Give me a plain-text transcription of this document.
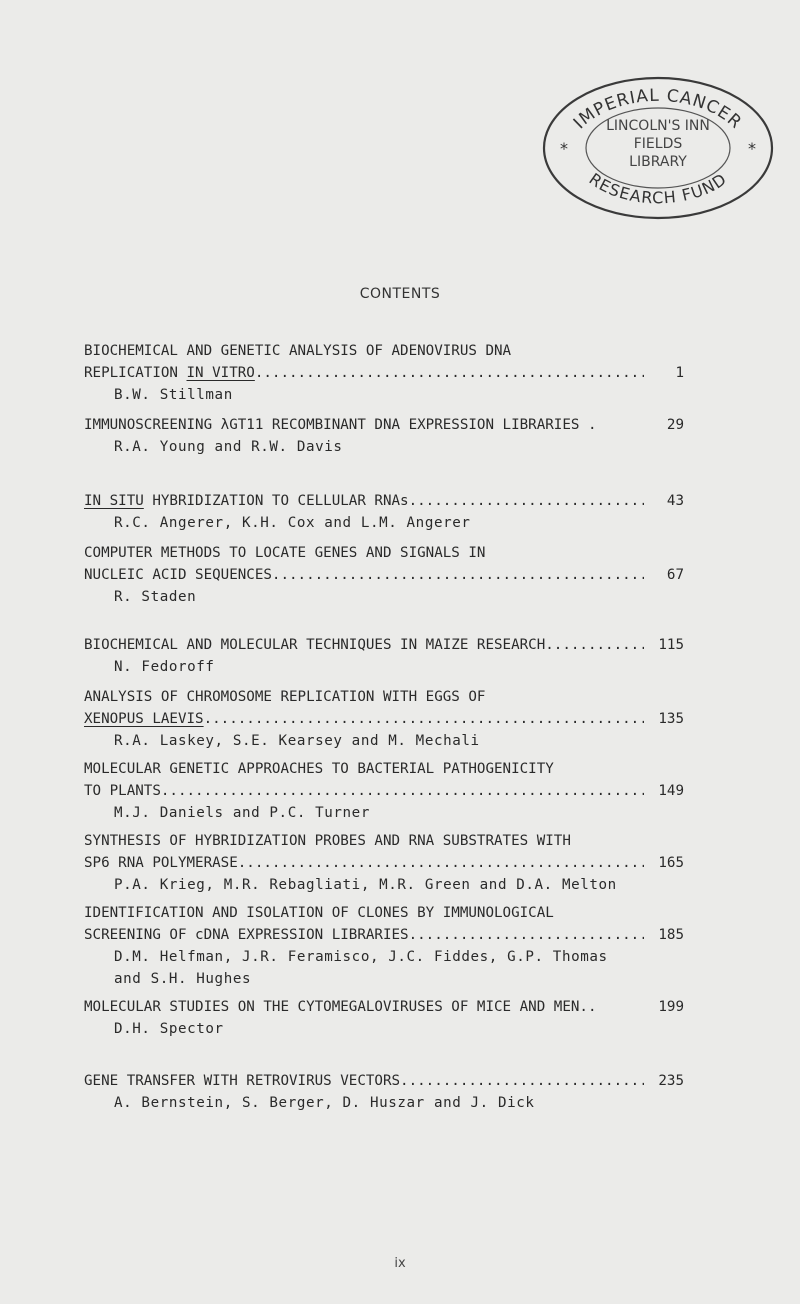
IMPERIAL CANCER
RESEARCH FUND
LINCOLN'S INN
FIELDS
LIBRARY
*	*
CONTENTS
BIOCHEMICAL AND GENETIC ANALYSIS OF ADENOVIRUS DNA
REPLICATION IN VITRO .....	1
B.W. Stillman
IMMUNOSCREENING λGT11 RECOMBINANT DNA EXPRESSION LIBRARIES .	29
R.A. Young and R.W. Davis
IN SITU HYBRIDIZATION TO CELLULAR RNAs .....	43
R.C. Angerer, K.H. Cox and L.M. Angerer
COMPUTER METHODS TO LOCATE GENES AND SIGNALS IN
NUCLEIC ACID SEQUENCES .....	67
R. Staden
BIOCHEMICAL AND MOLECULAR TECHNIQUES IN MAIZE RESEARCH .....	115
N. Fedoroff
ANALYSIS OF CHROMOSOME REPLICATION WITH EGGS OF
XENOPUS LAEVIS .....	135
R.A. Laskey, S.E. Kearsey and M. Mechali
MOLECULAR GENETIC APPROACHES TO BACTERIAL PATHOGENICITY
TO PLANTS .....	149
M.J. Daniels and P.C. Turner
SYNTHESIS OF HYBRIDIZATION PROBES AND RNA SUBSTRATES WITH
SP6 RNA POLYMERASE .....	165
P.A. Krieg, M.R. Rebagliati, M.R. Green and D.A. Melton
IDENTIFICATION AND ISOLATION OF CLONES BY IMMUNOLOGICAL
SCREENING OF cDNA EXPRESSION LIBRARIES .....	185
D.M. Helfman, J.R. Feramisco, J.C. Fiddes, G.P. Thomas
and S.H. Hughes
MOLECULAR STUDIES ON THE CYTOMEGALOVIRUSES OF MICE AND MEN..	199
D.H. Spector
GENE TRANSFER WITH RETROVIRUS VECTORS .....	235
A. Bernstein, S. Berger, D. Huszar and J. Dick
ix
